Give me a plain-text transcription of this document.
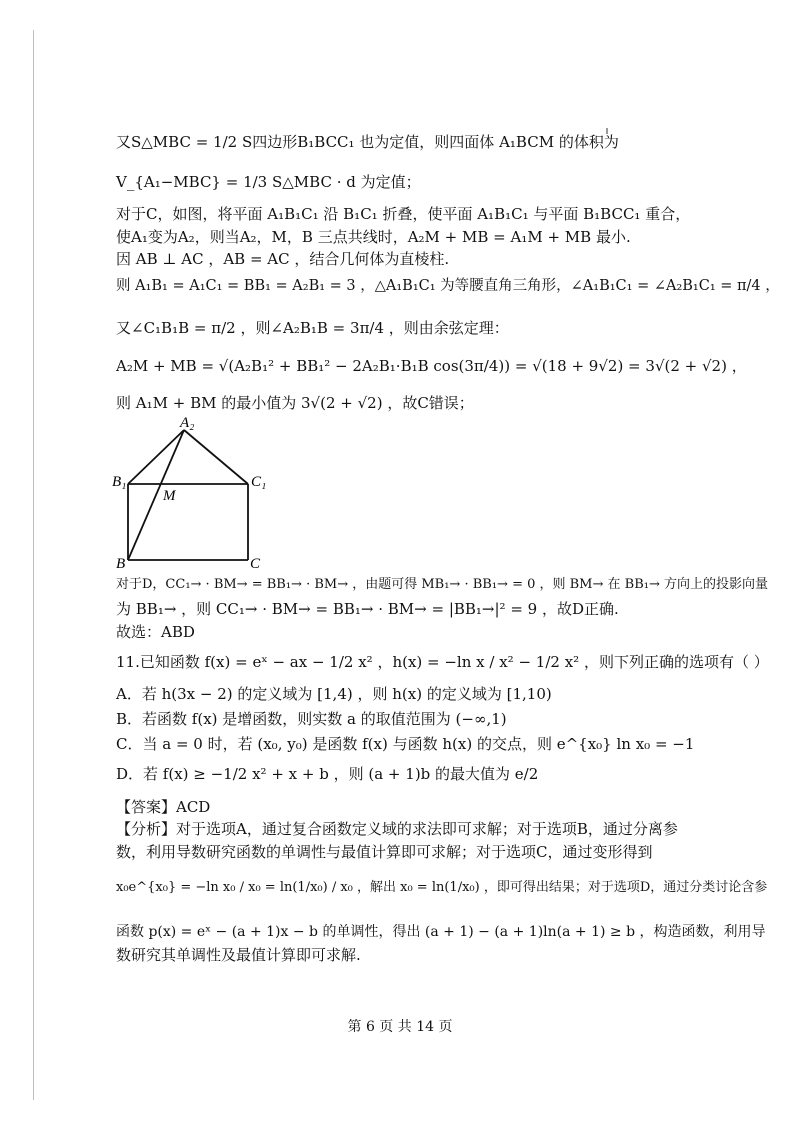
又S△MBC = 1/2 S四边形B₁BCC₁ 也为定值，则四面体 A₁BCM 的体积为
V_{A₁−MBC} = 1/3 S△MBC · d 为定值；
对于C，如图，将平面 A₁B₁C₁ 沿 B₁C₁ 折叠，使平面 A₁B₁C₁ 与平面 B₁BCC₁ 重合，
使A₁变为A₂，则当A₂，M，B 三点共线时，A₂M + MB = A₁M + MB 最小.
因 AB ⊥ AC ，AB = AC ，结合几何体为直棱柱.
则 A₁B₁ = A₁C₁ = BB₁ = A₂B₁ = 3 ，△A₁B₁C₁ 为等腰直角三角形，∠A₁B₁C₁ = ∠A₂B₁C₁ = π/4 ，
又∠C₁B₁B = π/2 ，则∠A₂B₁B = 3π/4 ，则由余弦定理：
A₂M + MB = √(A₂B₁² + BB₁² − 2A₂B₁·B₁B cos(3π/4)) = √(18 + 9√2) = 3√(2 + √2) ，
则 A₁M + BM 的最小值为 3√(2 + √2) ，故C错误；
A₂
B₁
M
C₁
B	C
对于D，CC₁→ · BM→ = BB₁→ · BM→ ，由题可得 MB₁→ · BB₁→ = 0 ，则 BM→ 在 BB₁→ 方向上的投影向量
为 BB₁→ ，则 CC₁→ · BM→ = BB₁→ · BM→ = |BB₁→|² = 9 ，故D正确.
故选：ABD
11.已知函数 f(x) = eˣ − ax − 1/2 x² ，h(x) = −ln x / x² − 1/2 x² ，则下列正确的选项有（ ）
A．若 h(3x − 2) 的定义域为 [1,4) ，则 h(x) 的定义域为 [1,10)
B．若函数 f(x) 是增函数，则实数 a 的取值范围为 (−∞,1)
C．当 a = 0 时，若 (x₀, y₀) 是函数 f(x) 与函数 h(x) 的交点，则 e^{x₀} ln x₀ = −1
D．若 f(x) ≥ −1/2 x² + x + b ，则 (a + 1)b 的最大值为 e/2
【答案】ACD
【分析】对于选项A，通过复合函数定义域的求法即可求解；对于选项B，通过分离参
数，利用导数研究函数的单调性与最值计算即可求解；对于选项C，通过变形得到
x₀e^{x₀} = −ln x₀ / x₀ = ln(1/x₀) / x₀ ，解出 x₀ = ln(1/x₀) ，即可得出结果；对于选项D，通过分类讨论含参
函数 p(x) = eˣ − (a + 1)x − b 的单调性，得出 (a + 1) − (a + 1)ln(a + 1) ≥ b ，构造函数，利用导
数研究其单调性及最值计算即可求解.
第 6 页 共 14 页
